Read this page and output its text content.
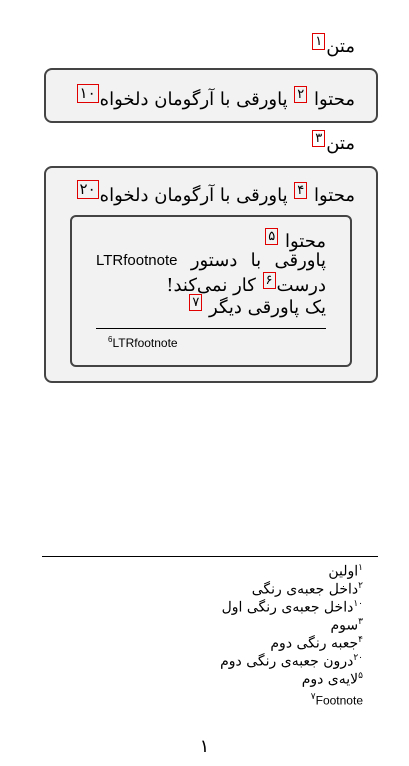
متن۱
محتوا ۲ پاورقی با آرگومان دلخواه۱۰
متن۳
محتوا ۴ پاورقی با آرگومان دلخواه۲۰
محتوا ۵
پاورقی
با
دستور
LTRfootnote
درست۶ کار نمی‌کند!
یک پاورقی دیگر ۷
$^6$LTRfootnote
$^۱$اولین
$^۲$داخل جعبه‌ی رنگی
$^{۱۰}$داخل جعبه‌ی رنگی اول
$^۳$سوم
$^۴$جعبه رنگی دوم
$^{۲۰}$درون جعبه‌ی رنگی دوم
$^۵$لایه‌ی دوم
$^۷$Footnote
۱
